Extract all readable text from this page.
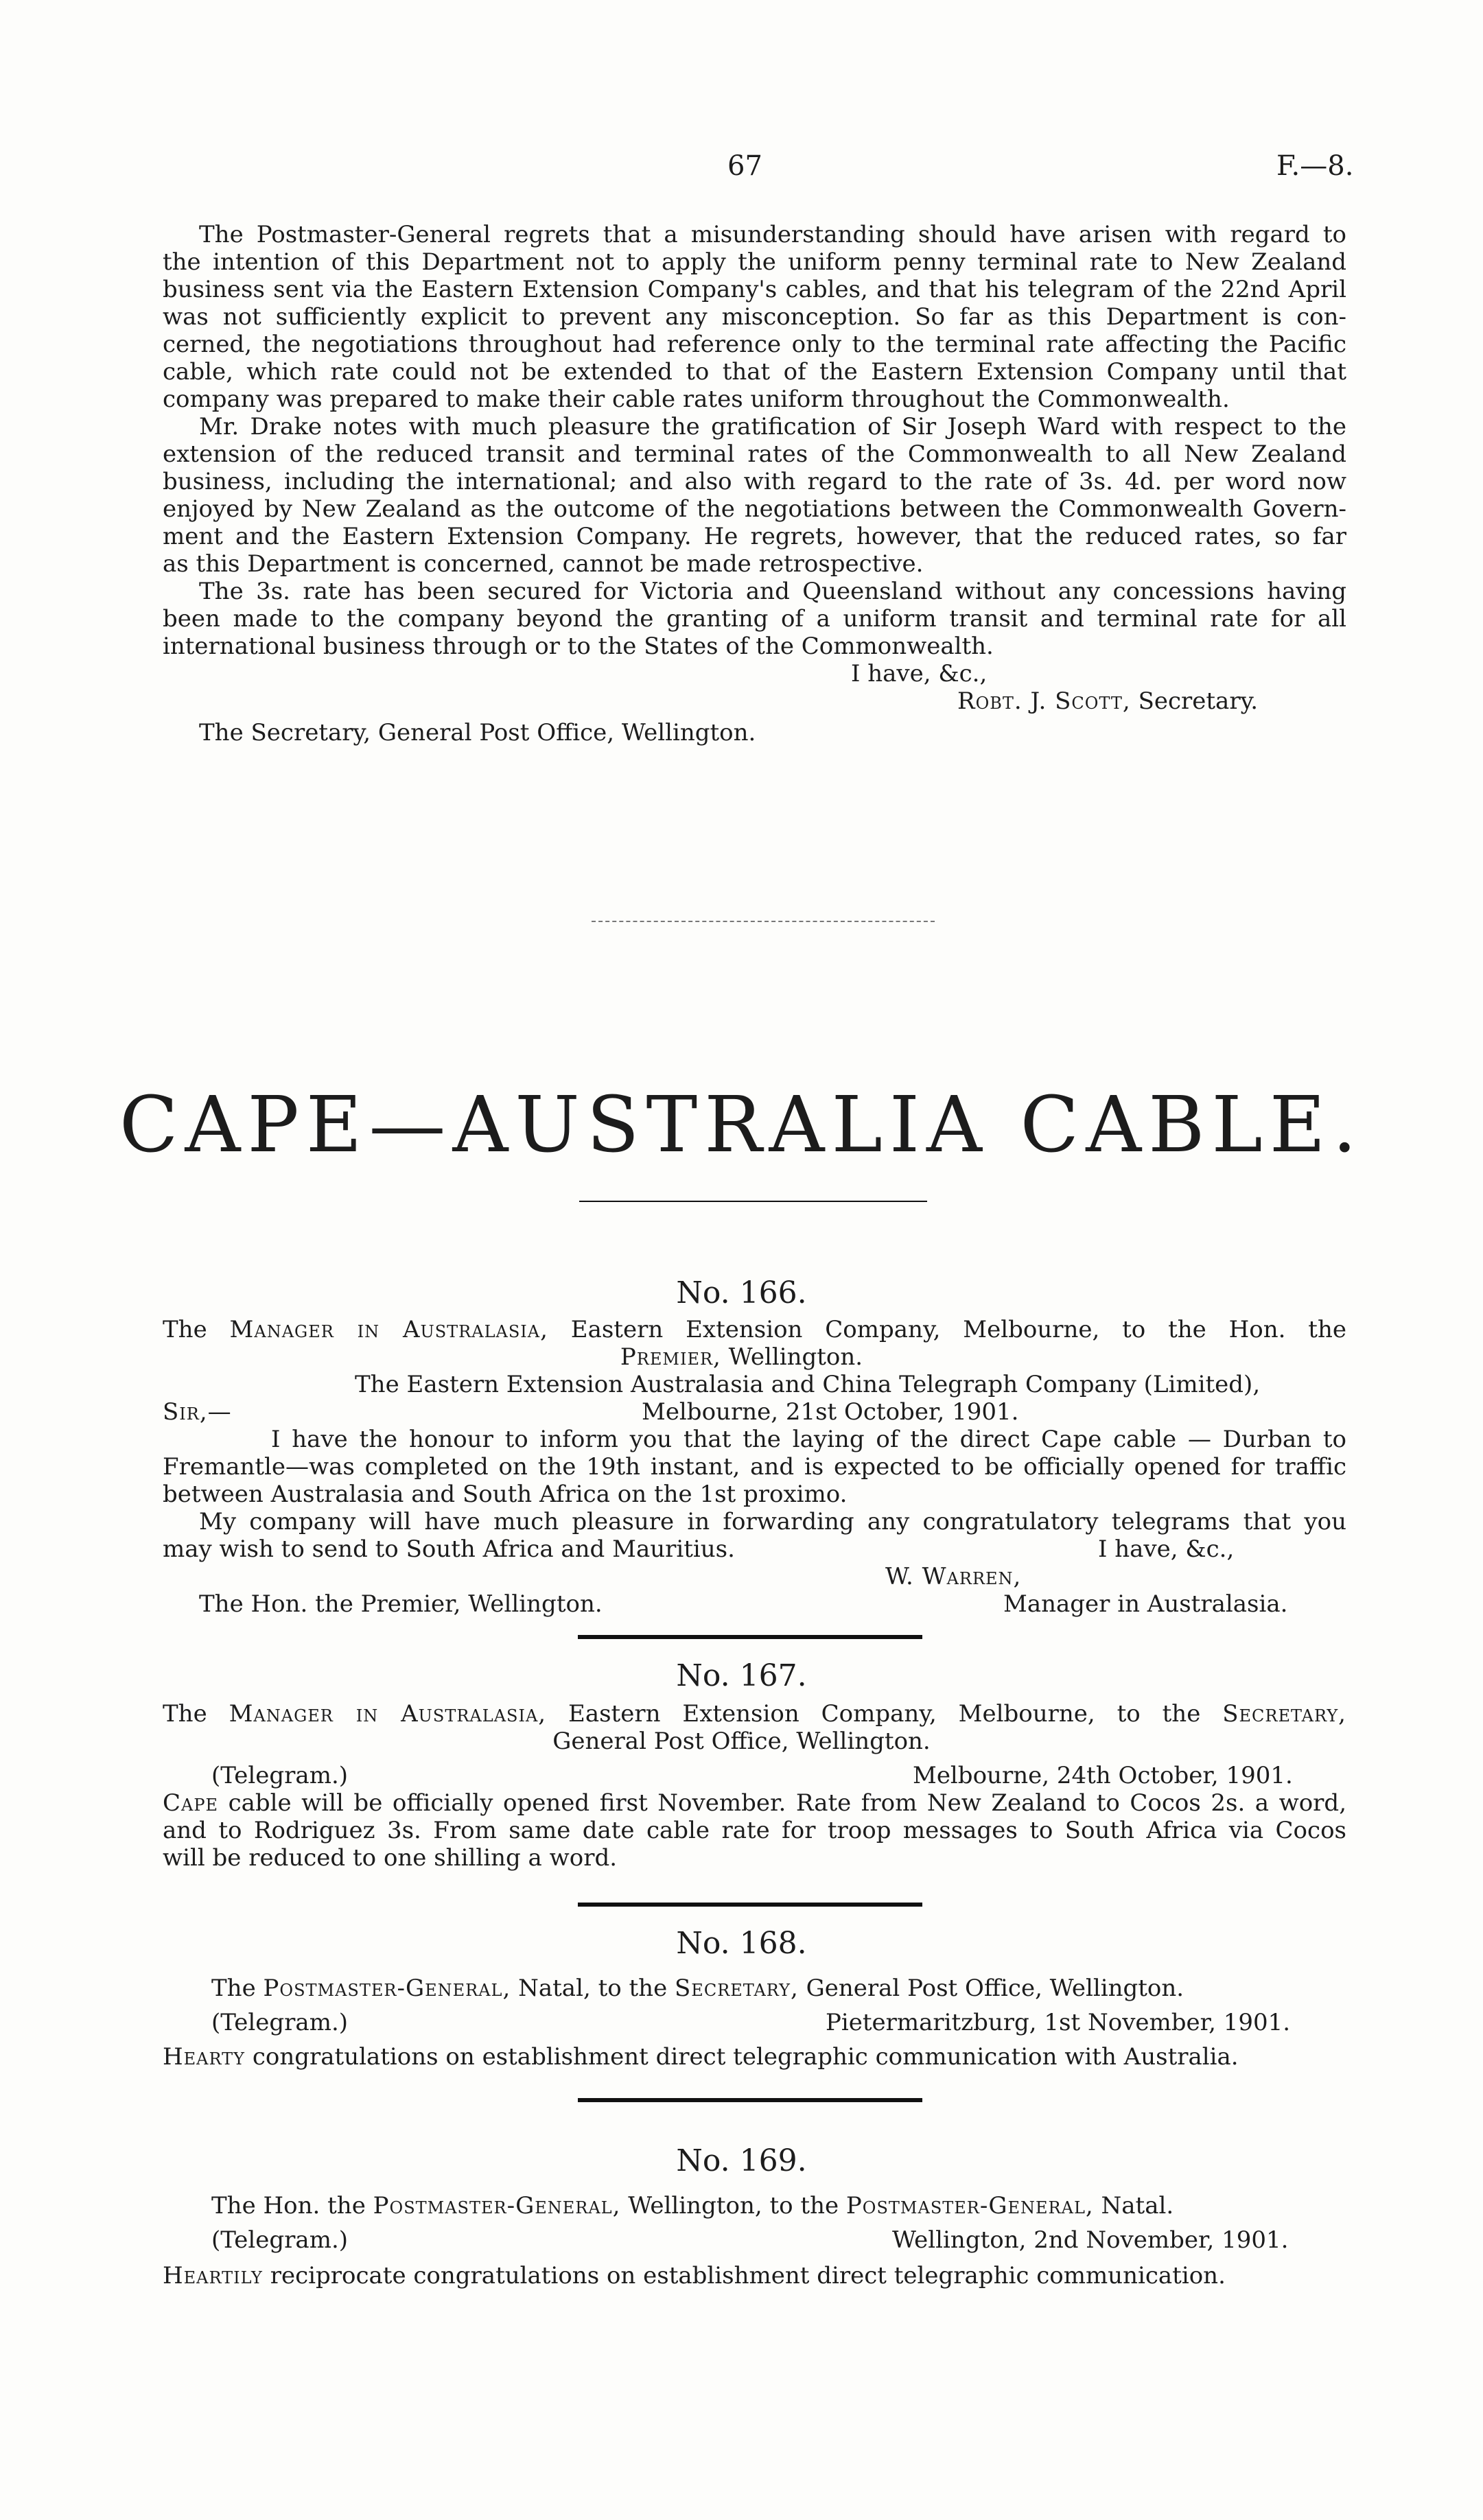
67	F.—8.
The Postmaster-General regrets that a misunderstanding should have arisen with regard to
the intention of this Department not to apply the uniform penny terminal rate to New Zealand
business sent via the Eastern Extension Company's cables, and that his telegram of the 22nd April
was not sufficiently explicit to prevent any misconception. So far as this Department is con-
cerned, the negotiations throughout had reference only to the terminal rate affecting the Pacific
cable, which rate could not be extended to that of the Eastern Extension Company until that
company was prepared to make their cable rates uniform throughout the Commonwealth.
Mr. Drake notes with much pleasure the gratification of Sir Joseph Ward with respect to the
extension of the reduced transit and terminal rates of the Commonwealth to all New Zealand
business, including the international; and also with regard to the rate of 3s. 4d. per word now
enjoyed by New Zealand as the outcome of the negotiations between the Commonwealth Govern-
ment and the Eastern Extension Company. He regrets, however, that the reduced rates, so far
as this Department is concerned, cannot be made retrospective.
The 3s. rate has been secured for Victoria and Queensland without any concessions having
been made to the company beyond the granting of a uniform transit and terminal rate for all
international business through or to the States of the Commonwealth.
I have, &c.,
Robt. J. Scott, Secretary.
The Secretary, General Post Office, Wellington.
CAPE—AUSTRALIA CABLE.
No. 166.
The Manager in Australasia, Eastern Extension Company, Melbourne, to the Hon. the
Premier, Wellington.
The Eastern Extension Australasia and China Telegraph Company (Limited),
Sir,—	Melbourne, 21st October, 1901.
I have the honour to inform you that the laying of the direct Cape cable — Durban to
Fremantle—was completed on the 19th instant, and is expected to be officially opened for traffic
between Australasia and South Africa on the 1st proximo.
My company will have much pleasure in forwarding any congratulatory telegrams that you
may wish to send to South Africa and Mauritius.	I have, &c.,
W. Warren,
The Hon. the Premier, Wellington.	Manager in Australasia.
No. 167.
The Manager in Australasia, Eastern Extension Company, Melbourne, to the Secretary,
General Post Office, Wellington.
(Telegram.)	Melbourne, 24th October, 1901.
Cape cable will be officially opened first November. Rate from New Zealand to Cocos 2s. a word,
and to Rodriguez 3s. From same date cable rate for troop messages to South Africa via Cocos
will be reduced to one shilling a word.
No. 168.
The Postmaster-General, Natal, to the Secretary, General Post Office, Wellington.
(Telegram.)	Pietermaritzburg, 1st November, 1901.
Hearty congratulations on establishment direct telegraphic communication with Australia.
No. 169.
The Hon. the Postmaster-General, Wellington, to the Postmaster-General, Natal.
(Telegram.)	Wellington, 2nd November, 1901.
Heartily reciprocate congratulations on establishment direct telegraphic communication.
